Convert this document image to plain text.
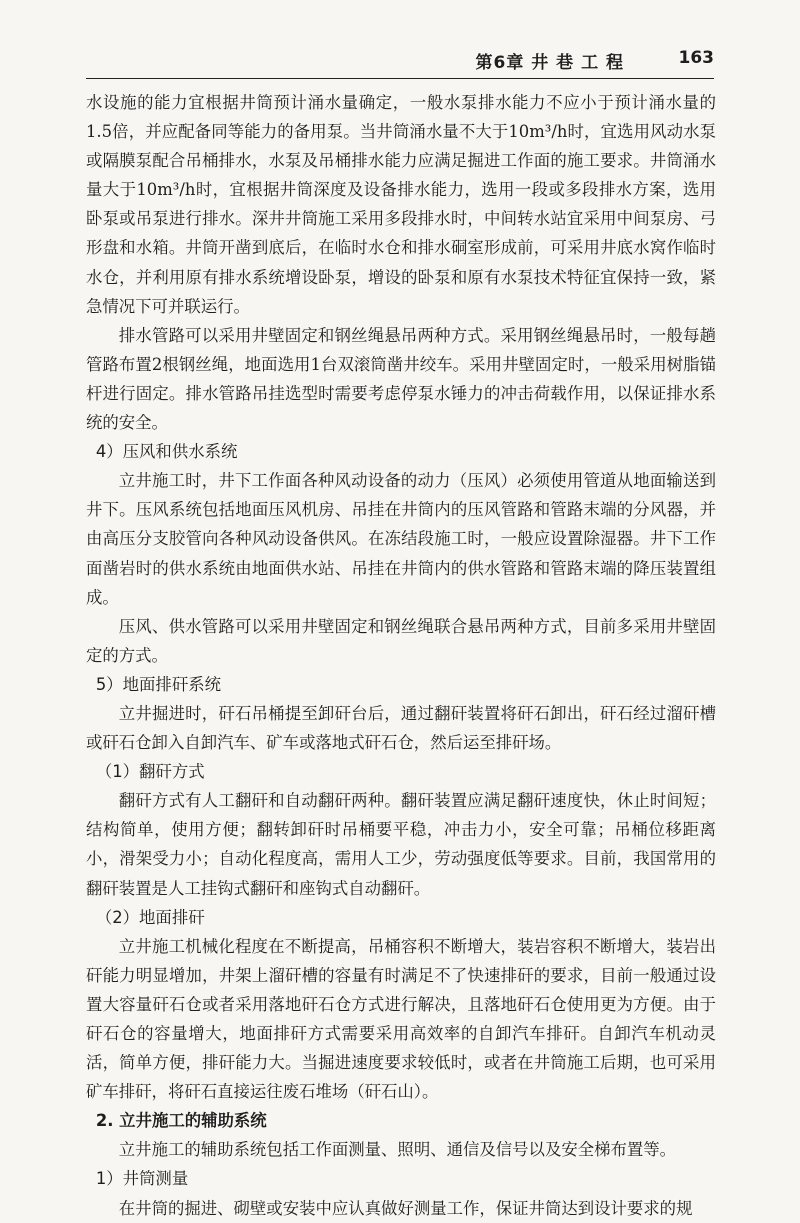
第6章 井 巷 工 程	163

水设施的能力宜根据井筒预计涌水量确定，一般水泵排水能力不应小于预计涌水量的1.5倍，并应配备同等能力的备用泵。当井筒涌水量不大于10m³/h时，宜选用风动水泵或隔膜泵配合吊桶排水，水泵及吊桶排水能力应满足掘进工作面的施工要求。井筒涌水量大于10m³/h时，宜根据井筒深度及设备排水能力，选用一段或多段排水方案，选用卧泵或吊泵进行排水。深井井筒施工采用多段排水时，中间转水站宜采用中间泵房、弓形盘和水箱。井筒开凿到底后，在临时水仓和排水硐室形成前，可采用井底水窝作临时水仓，并利用原有排水系统增设卧泵，增设的卧泵和原有水泵技术特征宜保持一致，紧急情况下可并联运行。

排水管路可以采用井壁固定和钢丝绳悬吊两种方式。采用钢丝绳悬吊时，一般每趟管路布置2根钢丝绳，地面选用1台双滚筒凿井绞车。采用井壁固定时，一般采用树脂锚杆进行固定。排水管路吊挂选型时需要考虑停泵水锤力的冲击荷载作用，以保证排水系统的安全。

4）压风和供水系统

立井施工时，井下工作面各种风动设备的动力（压风）必须使用管道从地面输送到井下。压风系统包括地面压风机房、吊挂在井筒内的压风管路和管路末端的分风器，并由高压分支胶管向各种风动设备供风。在冻结段施工时，一般应设置除湿器。井下工作面凿岩时的供水系统由地面供水站、吊挂在井筒内的供水管路和管路末端的降压装置组成。

压风、供水管路可以采用井壁固定和钢丝绳联合悬吊两种方式，目前多采用井壁固定的方式。

5）地面排矸系统

立井掘进时，矸石吊桶提至卸矸台后，通过翻矸装置将矸石卸出，矸石经过溜矸槽或矸石仓卸入自卸汽车、矿车或落地式矸石仓，然后运至排矸场。

（1）翻矸方式

翻矸方式有人工翻矸和自动翻矸两种。翻矸装置应满足翻矸速度快，休止时间短；结构简单，使用方便；翻转卸矸时吊桶要平稳，冲击力小，安全可靠；吊桶位移距离小，滑架受力小；自动化程度高，需用人工少，劳动强度低等要求。目前，我国常用的翻矸装置是人工挂钩式翻矸和座钩式自动翻矸。

（2）地面排矸

立井施工机械化程度在不断提高，吊桶容积不断增大，装岩容积不断增大，装岩出矸能力明显增加，井架上溜矸槽的容量有时满足不了快速排矸的要求，目前一般通过设置大容量矸石仓或者采用落地矸石仓方式进行解决，且落地矸石仓使用更为方便。由于矸石仓的容量增大，地面排矸方式需要采用高效率的自卸汽车排矸。自卸汽车机动灵活，简单方便，排矸能力大。当掘进速度要求较低时，或者在井筒施工后期，也可采用矿车排矸，将矸石直接运往废石堆场（矸石山）。

2. 立井施工的辅助系统

立井施工的辅助系统包括工作面测量、照明、通信及信号以及安全梯布置等。

1）井筒测量

在井筒的掘进、砌壁或安装中应认真做好测量工作，保证井筒达到设计要求的规
